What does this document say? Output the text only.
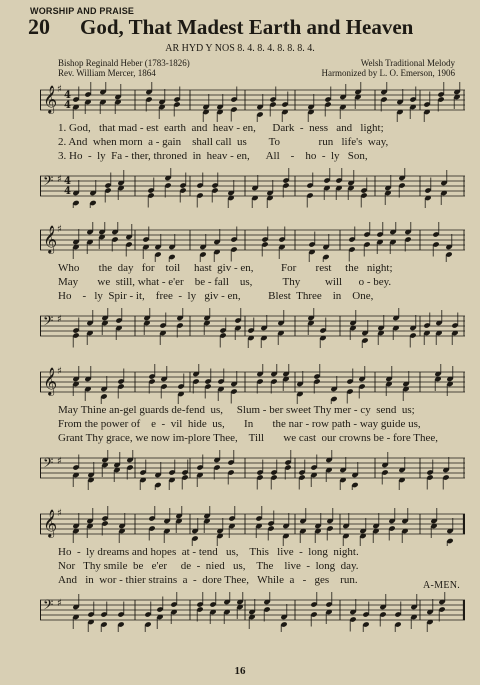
WORSHIP AND PRAISE
20 God, That Madest Earth and Heaven
AR HYD Y NOS 8. 4. 8. 4. 8. 8. 8. 4.
Bishop Reginald Heber (1783-1826)
Rev. William Mercer, 1864
Welsh Traditional Melody
Harmonized by L. O. Emerson, 1906
𝄞 ♯
4
4
1. God,   that mad - est  earth  and  heav - en,      Dark  -  ness   and   light;
2. And  when morn  a - gain    shall call  us        To              run   life's  way,
3. Ho  -  ly  Fa - ther, throned  in  heav - en,      All    -    ho  -  ly   Son,
𝄢 ♯ 4
4
𝄞 ♯
Who       the  day   for    toil     hast  giv - en,          For       rest     the   night;
May       we  still, what - e'er    be - fall    us,           Thy         will      o - bey.
Ho    -   ly  Spir - it,    free  -  ly   giv - en,          Blest  Three    in    One,
𝄢 ♯
𝄞 ♯
May Thine an-gel guards de-fend  us,     Slum - ber sweet Thy mer - cy  send  us;
From the power of    e  -  vil  hide  us,       In       the nar - row path - way guide us,
Grant Thy grace, we now im-plore Thee,    Till       we cast  our crowns be - fore Thee,
𝄢 ♯
𝄞 ♯
Ho  -  ly dreams and hopes  at - tend   us,    This   live  -  long  night.
Nor   Thy smile  be   e'er     de  -  nied   us,    The    live  -  long  day.
And   in  wor - thier strains  a  -  dore Thee,   While  a   -   ges    run.	A-MEN.
𝄢 ♯
16
